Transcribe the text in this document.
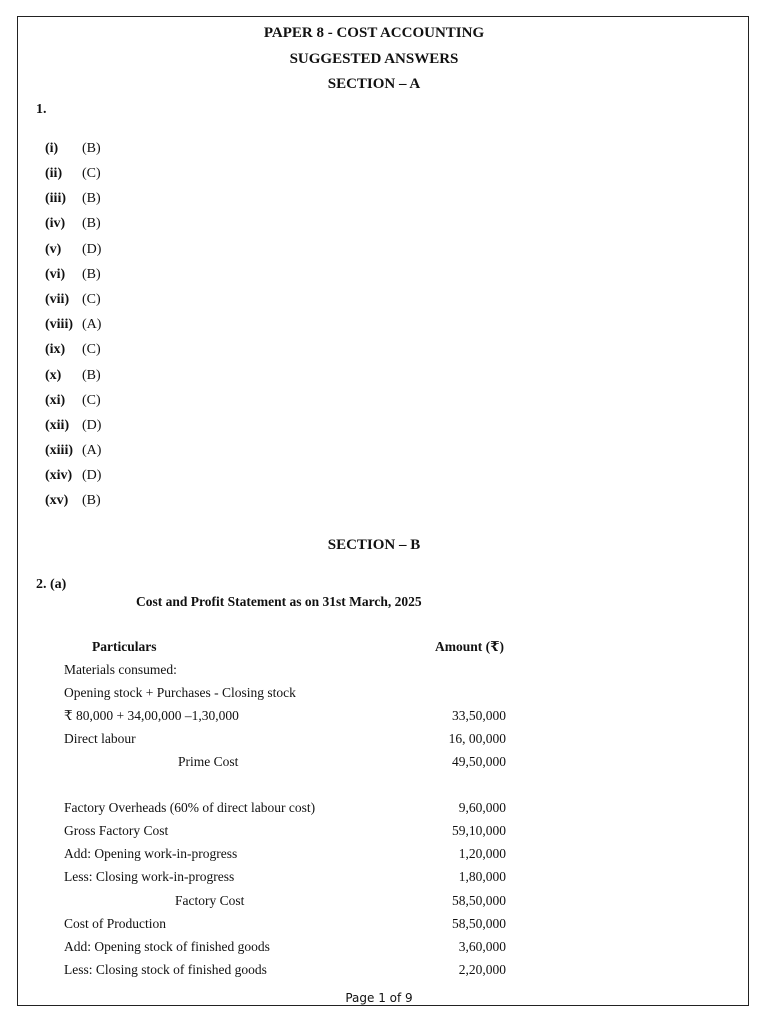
PAPER 8 - COST ACCOUNTING
SUGGESTED ANSWERS
SECTION – A
1.
(i) (B)
(ii) (C)
(iii) (B)
(iv) (B)
(v) (D)
(vi) (B)
(vii) (C)
(viii) (A)
(ix) (C)
(x) (B)
(xi) (C)
(xii) (D)
(xiii) (A)
(xiv) (D)
(xv) (B)
SECTION – B
2. (a)
Cost and Profit Statement as on 31st March, 2025
Particulars	Amount (₹)
Materials consumed:
Opening stock + Purchases - Closing stock
₹ 80,000 + 34,00,000 –1,30,000	33,50,000
Direct labour	16, 00,000
Prime Cost	49,50,000
Factory Overheads (60% of direct labour cost)	9,60,000
Gross Factory Cost	59,10,000
Add: Opening work-in-progress	1,20,000
Less: Closing work-in-progress	1,80,000
Factory Cost	58,50,000
Cost of Production	58,50,000
Add: Opening stock of finished goods	3,60,000
Less: Closing stock of finished goods	2,20,000
Page 1 of 9
